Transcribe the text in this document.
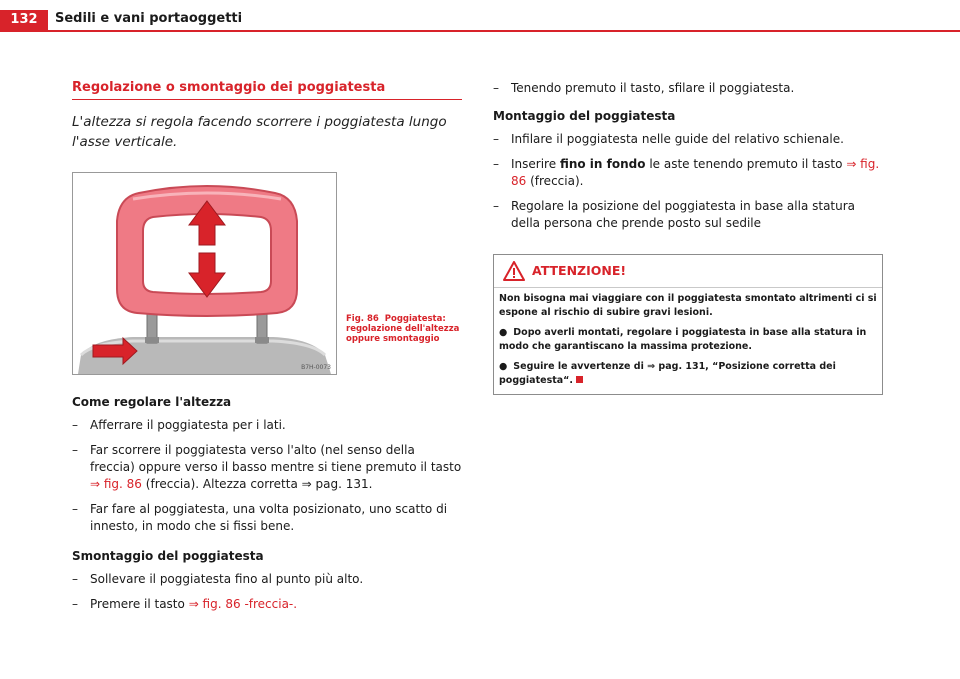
132	Sedili e vani portaoggetti
Regolazione o smontaggio dei poggiatesta
L'altezza si regola facendo scorrere i poggiatesta lungo l'asse verticale.
B7H-0073
Fig. 86 Poggiatesta: regolazione dell'altezza oppure smontaggio
Come regolare l'altezza
– Afferrare il poggiatesta per i lati.
– Far scorrere il poggiatesta verso l'alto (nel senso della freccia) oppure verso il basso mentre si tiene premuto il tasto ⇒ fig. 86 (freccia). Altezza corretta ⇒ pag. 131.
– Far fare al poggiatesta, una volta posizionato, uno scatto di innesto, in modo che si fissi bene.
Smontaggio del poggiatesta
– Sollevare il poggiatesta fino al punto più alto.
– Premere il tasto ⇒ fig. 86 -freccia-.
– Tenendo premuto il tasto, sfilare il poggiatesta.
Montaggio del poggiatesta
– Infilare il poggiatesta nelle guide del relativo schienale.
– Inserire fino in fondo le aste tenendo premuto il tasto ⇒ fig. 86 (freccia).
– Regolare la posizione del poggiatesta in base alla statura della persona che prende posto sul sedile
ATTENZIONE!

Non bisogna mai viaggiare con il poggiatesta smontato altrimenti ci si espone al rischio di subire gravi lesioni.

● Dopo averli montati, regolare i poggiatesta in base alla statura in modo che garantiscano la massima protezione.

● Seguire le avvertenze di ⇒ pag. 131, “Posizione corretta dei poggiatesta“.
